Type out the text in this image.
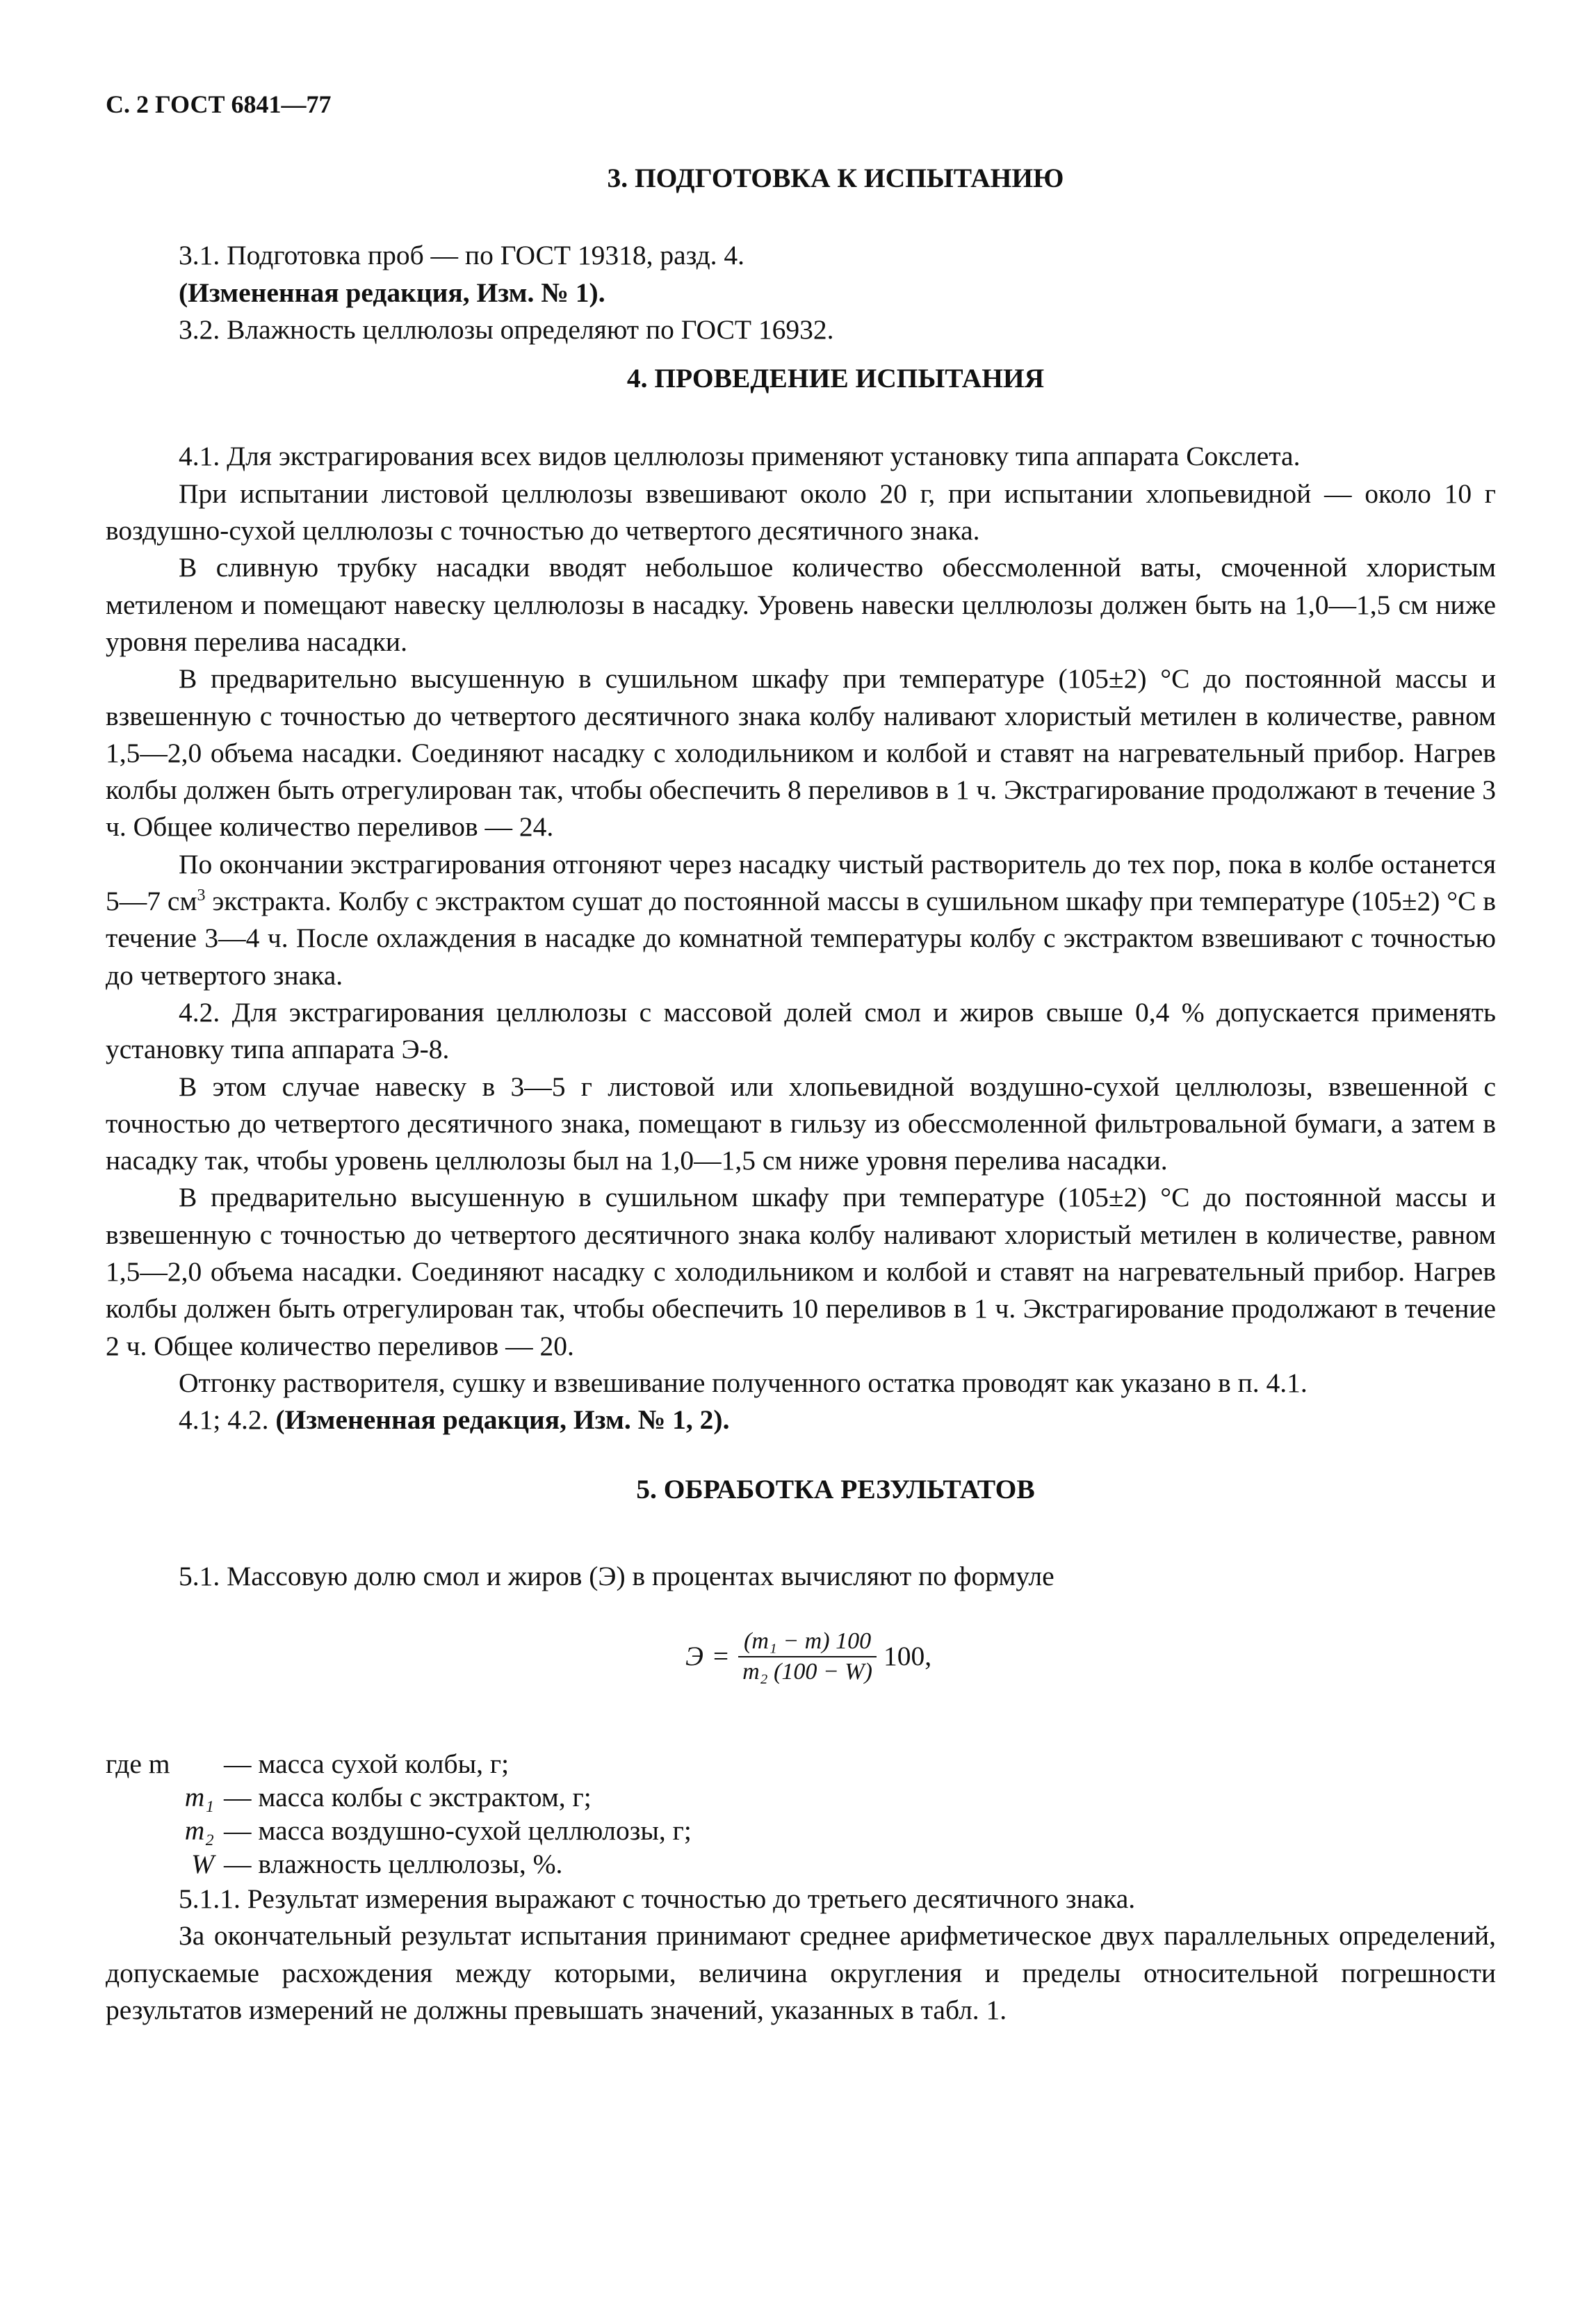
С. 2 ГОСТ 6841—77
3. ПОДГОТОВКА К ИСПЫТАНИЮ

3.1. Подготовка проб — по ГОСТ 19318, разд. 4.

(Измененная редакция, Изм. № 1).

3.2. Влажность целлюлозы определяют по ГОСТ 16932.

4. ПРОВЕДЕНИЕ ИСПЫТАНИЯ

4.1. Для экстрагирования всех видов целлюлозы применяют установку типа аппарата Сокслета.

При испытании листовой целлюлозы взвешивают около 20 г, при испытании хлопьевидной — около 10 г воздушно-сухой целлюлозы с точностью до четвертого десятичного знака.

В сливную трубку насадки вводят небольшое количество обессмоленной ваты, смоченной хлористым метиленом и помещают навеску целлюлозы в насадку. Уровень навески целлюлозы должен быть на 1,0—1,5 см ниже уровня перелива насадки.

В предварительно высушенную в сушильном шкафу при температуре (105±2) °С до постоянной массы и взвешенную с точностью до четвертого десятичного знака колбу наливают хлористый метилен в количестве, равном 1,5—2,0 объема насадки. Соединяют насадку с холодильником и колбой и ставят на нагревательный прибор. Нагрев колбы должен быть отрегулирован так, чтобы обеспечить 8 переливов в 1 ч. Экстрагирование продолжают в течение 3 ч. Общее количество переливов — 24.

По окончании экстрагирования отгоняют через насадку чистый растворитель до тех пор, пока в колбе останется 5—7 $см^3$ экстракта. Колбу с экстрактом сушат до постоянной массы в сушильном шкафу при температуре (105±2) °С в течение 3—4 ч. После охлаждения в насадке до комнатной температуры колбу с экстрактом взвешивают с точностью до четвертого знака.

4.2. Для экстрагирования целлюлозы с массовой долей смол и жиров свыше 0,4 % допускается применять установку типа аппарата Э-8.

В этом случае навеску в 3—5 г листовой или хлопьевидной воздушно-сухой целлюлозы, взвешенной с точностью до четвертого десятичного знака, помещают в гильзу из обессмоленной фильтровальной бумаги, а затем в насадку так, чтобы уровень целлюлозы был на 1,0—1,5 см ниже уровня перелива насадки.

В предварительно высушенную в сушильном шкафу при температуре (105±2) °С до постоянной массы и взвешенную с точностью до четвертого десятичного знака колбу наливают хлористый метилен в количестве, равном 1,5—2,0 объема насадки. Соединяют насадку с холодильником и колбой и ставят на нагревательный прибор. Нагрев колбы должен быть отрегулирован так, чтобы обеспечить 10 переливов в 1 ч. Экстрагирование продолжают в течение 2 ч. Общее количество переливов — 20.

Отгонку растворителя, сушку и взвешивание полученного остатка проводят как указано в п. 4.1.

4.1; 4.2. (Измененная редакция, Изм. № 1, 2).

5. ОБРАБОТКА РЕЗУЛЬТАТОВ

5.1. Массовую долю смол и жиров (Э) в процентах вычисляют по формуле

$Э = \frac{\text{(m₁ − m) 100}}{\text{m₂ (100 − W)}} 100$,
где m	— масса сухой колбы, г;
m₁ — масса колбы с экстрактом, г;
m₂ — масса воздушно-сухой целлюлозы, г;
W — влажность целлюлозы, %.

5.1.1. Результат измерения выражают с точностью до третьего десятичного знака.

За окончательный результат испытания принимают среднее арифметическое двух параллельных определений, допускаемые расхождения между которыми, величина округления и пределы относительной погрешности результатов измерений не должны превышать значений, указанных в табл. 1.
